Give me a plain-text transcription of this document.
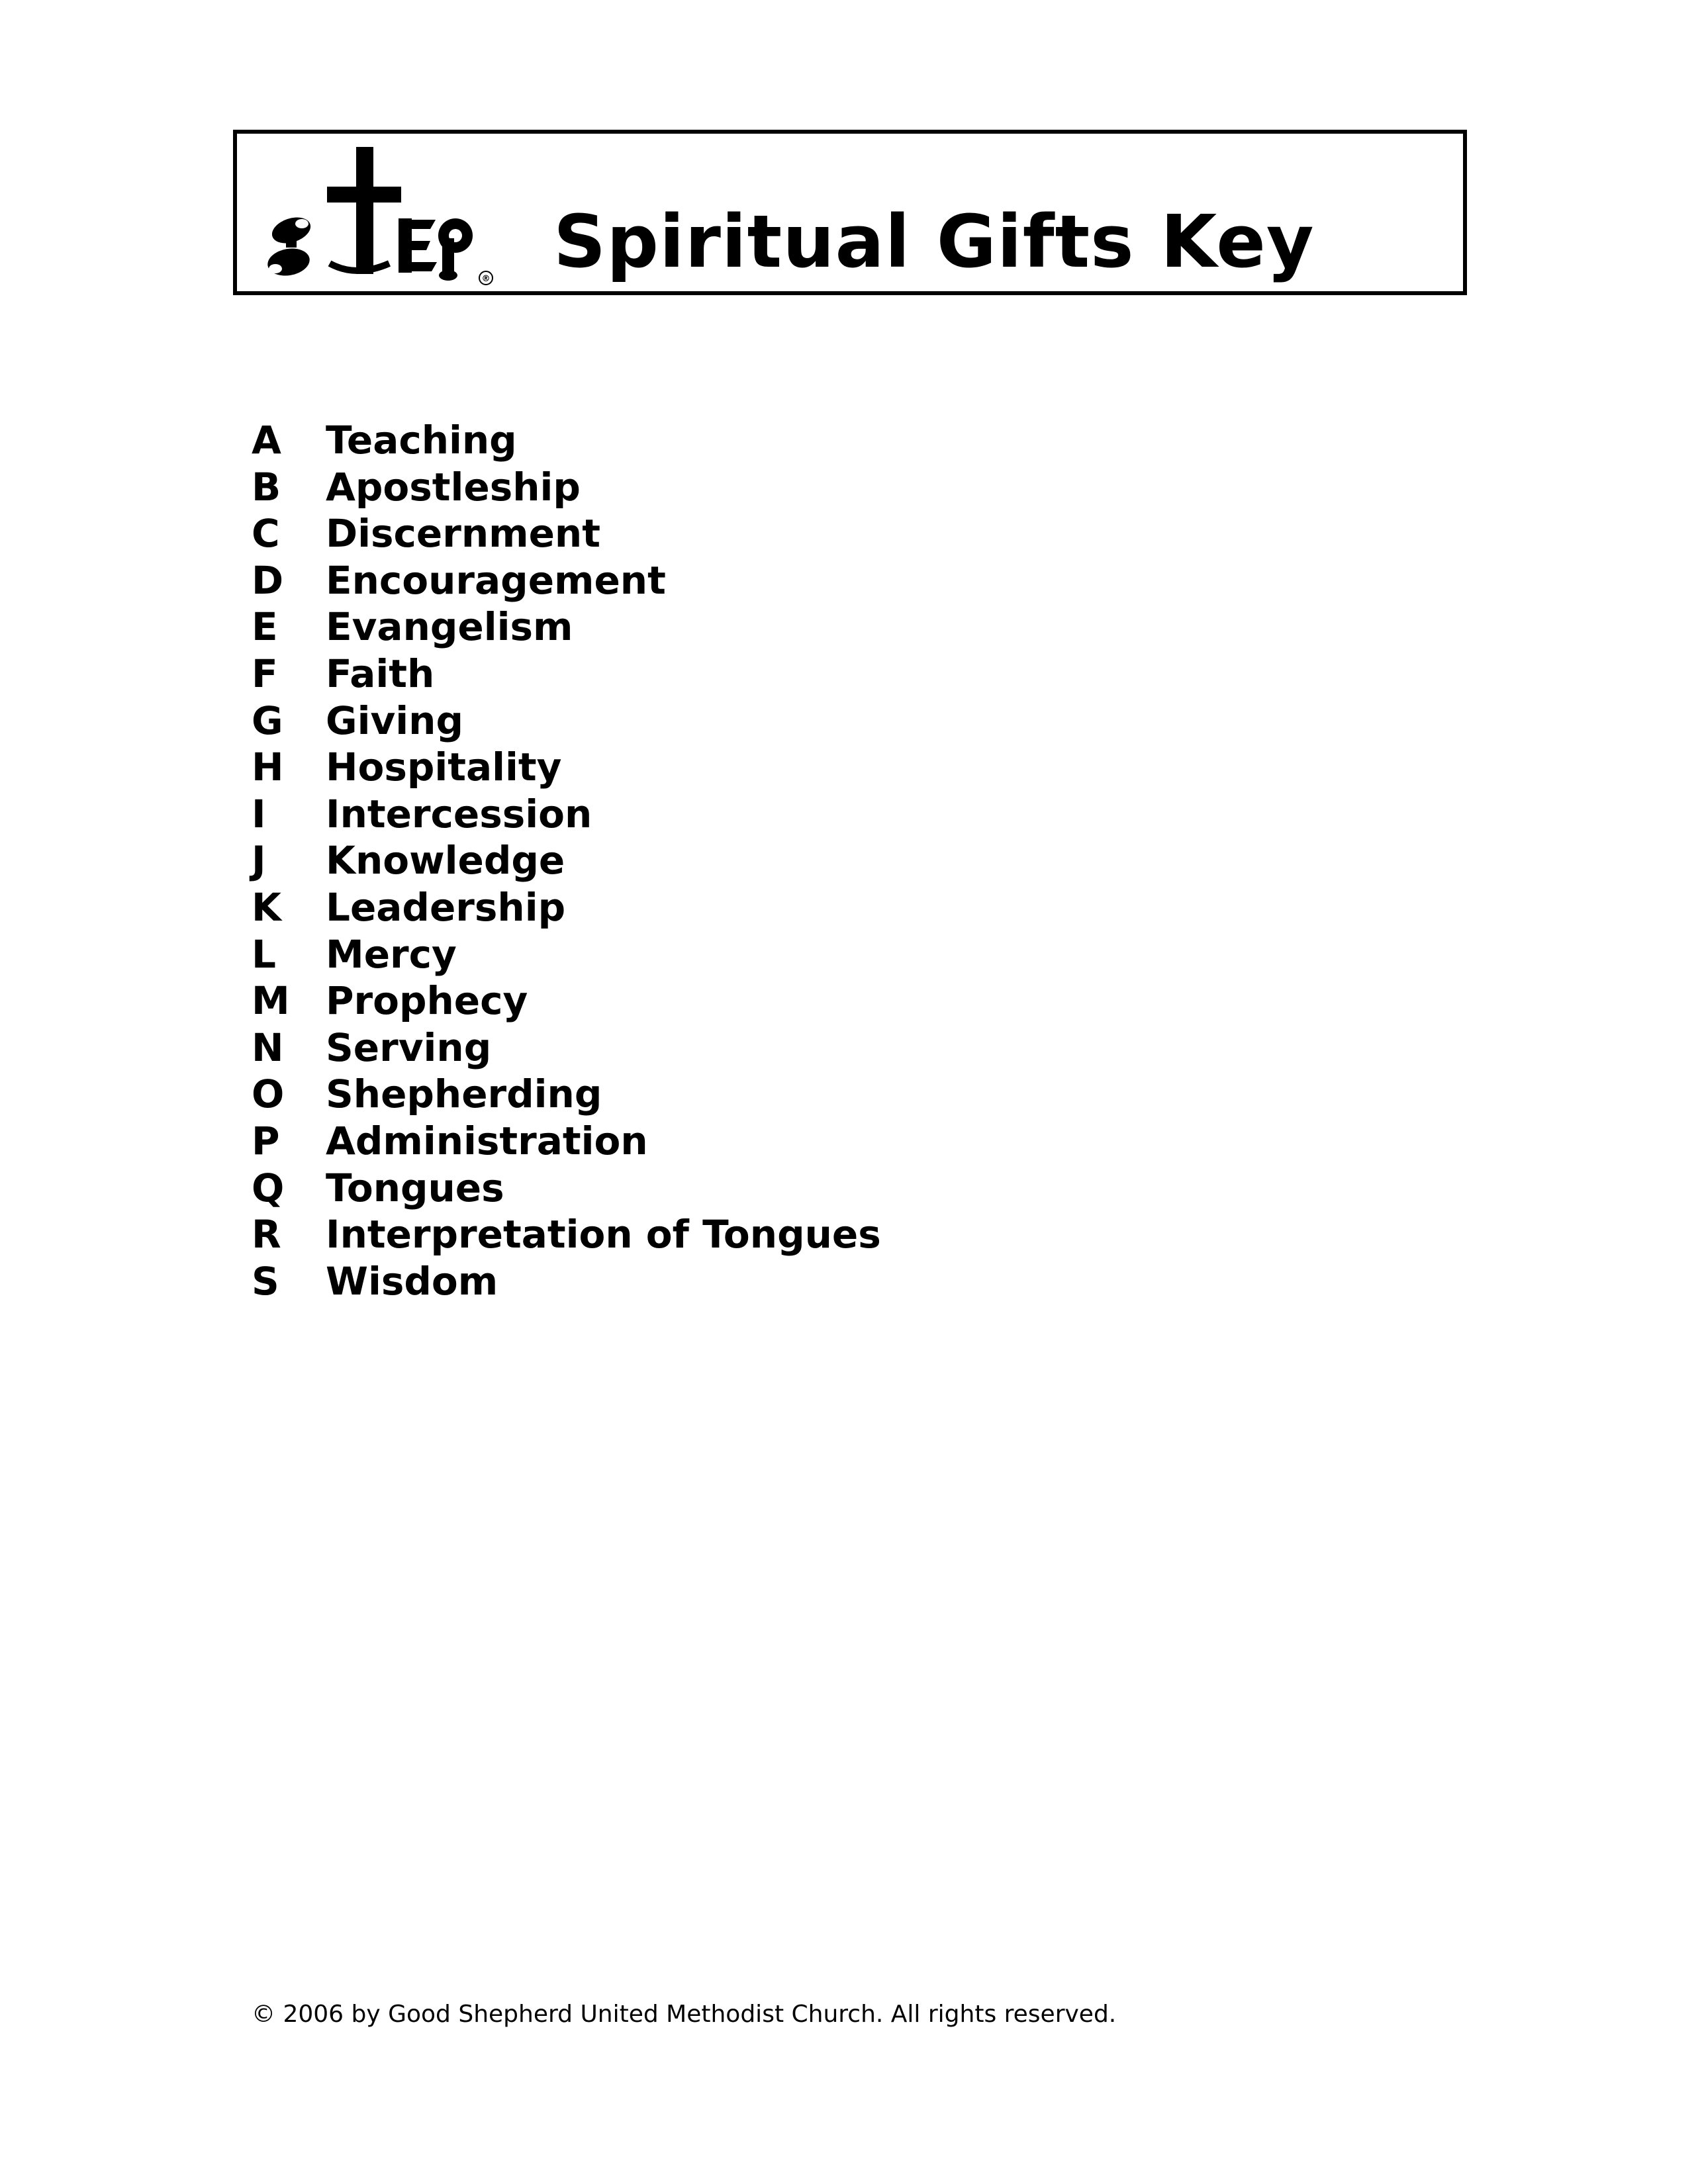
® Spiritual Gifts Key
A	Teaching
B	Apostleship
C	Discernment
D	Encouragement
E	Evangelism
F	Faith
G	Giving
H	Hospitality
I	Intercession
J	Knowledge
K	Leadership
L	Mercy
M Prophecy
N	Serving
O	Shepherding
P	Administration
Q	Tongues
R	Interpretation of Tongues
S	Wisdom
© 2006 by Good Shepherd United Methodist Church. All rights reserved.
